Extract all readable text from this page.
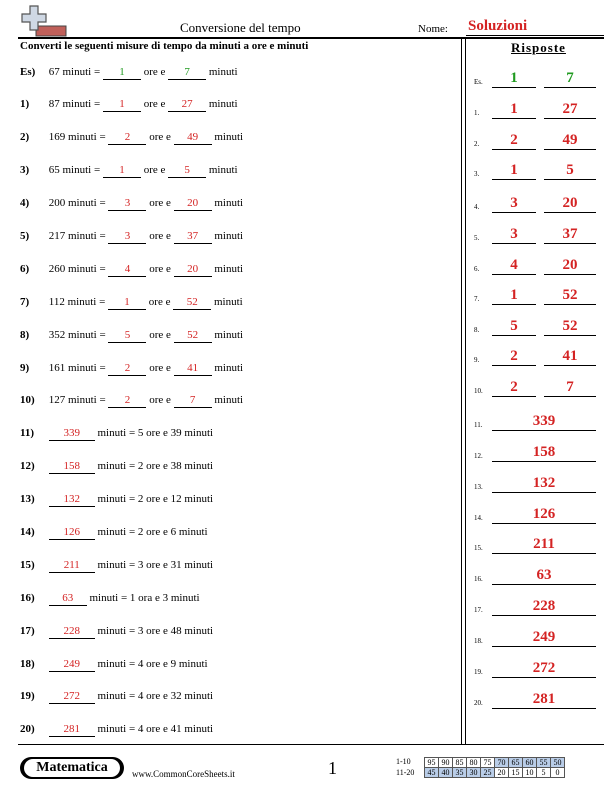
Conversione del tempo	Nome: Soluzioni
Converti le seguenti misure di tempo da minuti a ore e minuti
Es) 67 minuti = 1 ore e 7 minuti
1) 87 minuti = 1 ore e 27 minuti
2) 169 minuti = 2 ore e 49 minuti
3) 65 minuti = 1 ore e 5 minuti
4) 200 minuti = 3 ore e 20 minuti
5) 217 minuti = 3 ore e 37 minuti
6) 260 minuti = 4 ore e 20 minuti
7) 112 minuti = 1 ore e 52 minuti
8) 352 minuti = 5 ore e 52 minuti
9) 161 minuti = 2 ore e 41 minuti
10) 127 minuti = 2 ore e 7 minuti
11)	339 minuti = 5 ore e 39 minuti
12)	158 minuti = 2 ore e 38 minuti
13)	132 minuti = 2 ore e 12 minuti
14)	126 minuti = 2 ore e 6 minuti
15)	211 minuti = 3 ore e 31 minuti
16)	63 minuti = 1 ora e 3 minuti
17)	228 minuti = 3 ore e 48 minuti
18)	249 minuti = 4 ore e 9 minuti
19)	272 minuti = 4 ore e 32 minuti
20)	281 minuti = 4 ore e 41 minuti
Risposte
Es.	1	7
1.	1	27
2.	2	49
3.	1	5
4.	3	20
5.	3	37
6.	4	20
7.	1	52
8.	5	52
9.	2	41
10.	2	7
11.	339
12.	158
13.	132
14.	126
15.	211
16.	63
17.	228
18.	249
19.	272
20.	281
Matematica	www.CommonCoreSheets.it	1	1-10
11-20
95	90	85	80	75	70	65	60	55	50
45	40	35	30	25	20	15	10	5	0
